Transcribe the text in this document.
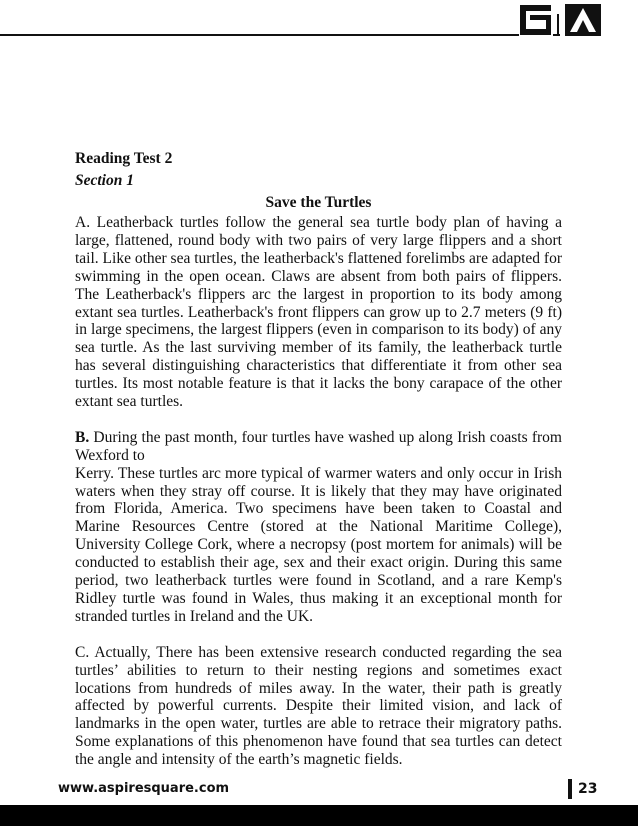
Reading Test 2

Section 1

Save the Turtles

A. Leatherback turtles follow the general sea turtle body plan of having a large, flattened, round body with two pairs of very large flippers and a short tail. Like other sea turtles, the leatherback's flattened forelimbs are adapted for swimming in the open ocean. Claws are absent from both pairs of flippers. The Leatherback's flippers arc the largest in proportion to its body among extant sea turtles. Leatherback's front flippers can grow up to 2.7 meters (9 ft) in large specimens, the largest flippers (even in comparison to its body) of any sea turtle. As the last surviving member of its family, the leatherback turtle has several distinguishing characteristics that differentiate it from other sea turtles. Its most notable feature is that it lacks the bony carapace of the other extant sea turtles.

B. During the past month, four turtles have washed up along Irish coasts from Wexford to

Kerry. These turtles arc more typical of warmer waters and only occur in Irish waters when they stray off course. It is likely that they may have originated from Florida, America. Two specimens have been taken to Coastal and Marine Resources Centre (stored at the National Maritime College), University College Cork, where a necropsy (post mortem for animals) will be conducted to establish their age, sex and their exact origin. During this same period, two leatherback turtles were found in Scotland, and a rare Kemp's Ridley turtle was found in Wales, thus making it an exceptional month for stranded turtles in Ireland and the UK.

C. Actually, There has been extensive research conducted regarding the sea turtles’ abilities to return to their nesting regions and sometimes exact locations from hundreds of miles away. In the water, their path is greatly affected by powerful currents. Despite their limited vision, and lack of landmarks in the open water, turtles are able to retrace their migratory paths. Some explanations of this phenomenon have found that sea turtles can detect the angle and intensity of the earth’s magnetic fields.

www.aspiresquare.com	23
